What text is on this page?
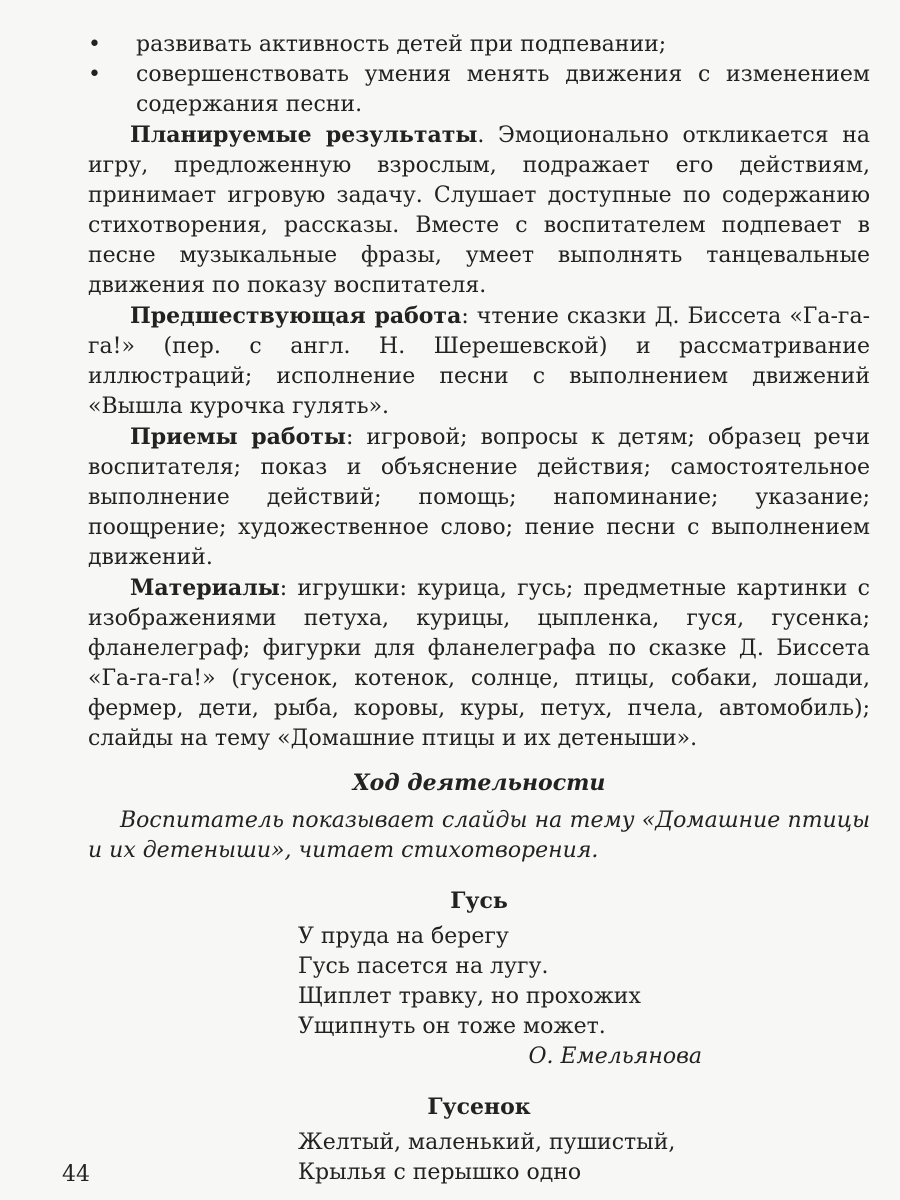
• развивать активность детей при подпевании;
• совершенствовать умения менять движения с изменением содержания песни.

Планируемые результаты. Эмоционально откликается на игру, предложенную взрослым, подражает его действиям, принимает игровую задачу. Слушает доступные по содержанию стихотворения, рассказы. Вместе с воспитателем подпевает в песне музыкальные фразы, умеет выполнять танцевальные движения по показу воспитателя.

Предшествующая работа: чтение сказки Д. Биссета «Га-га-га!» (пер. с англ. Н. Шерешевской) и рассматривание иллюстраций; исполнение песни с выполнением движений «Вышла курочка гулять».

Приемы работы: игровой; вопросы к детям; образец речи воспитателя; показ и объяснение действия; самостоятельное выполнение действий; помощь; напоминание; указание; поощрение; художественное слово; пение песни с выполнением движений.

Материалы: игрушки: курица, гусь; предметные картинки с изображениями петуха, курицы, цыпленка, гуся, гусенка; фланелеграф; фигурки для фланелеграфа по сказке Д. Биссета «Га-га-га!» (гусенок, котенок, солнце, птицы, собаки, лошади, фермер, дети, рыба, коровы, куры, петух, пчела, автомобиль); слайды на тему «Домашние птицы и их детеныши».

Ход деятельности

Воспитатель показывает слайды на тему «Домашние птицы и их детеныши», читает стихотворения.

Гусь
У пруда на берегу
Гусь пасется на лугу.
Щиплет травку, но прохожих
Ущипнуть он тоже может.
О. Емельянова
Гусенок
Желтый, маленький, пушистый,
Крылья с перышко одно
44
